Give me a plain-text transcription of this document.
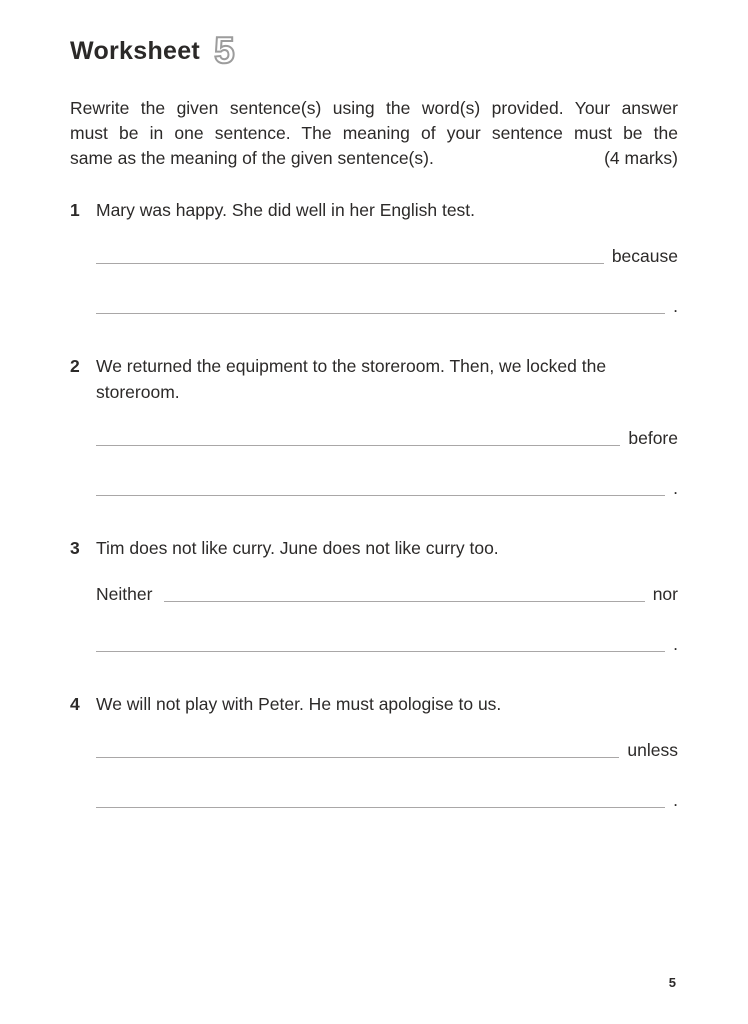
Worksheet 5
Rewrite the given sentence(s) using the word(s) provided. Your answer
must be in one sentence. The meaning of your sentence must be the
same as the meaning of the given sentence(s).	(4 marks)
1 Mary was happy. She did well in her English test.

because
.
2 We returned the equipment to the storeroom. Then, we locked the storeroom.

before
.
3 Tim does not like curry. June does not like curry too.

Neither	nor
.
4 We will not play with Peter. He must apologise to us.

unless
.
5
